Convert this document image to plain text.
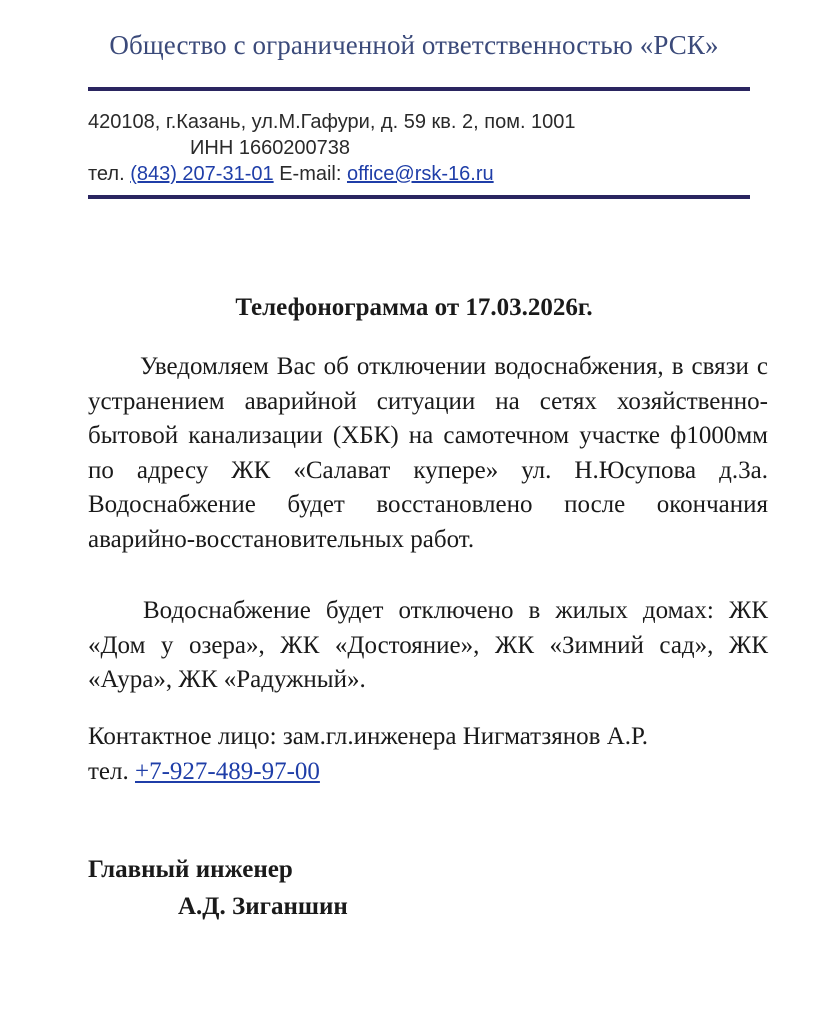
Общество с ограниченной ответственностью «РСК»
420108, г.Казань, ул.М.Гафури, д. 59 кв. 2, пом. 1001
ИНН 1660200738
тел. (843) 207-31-01 E-mail: office@rsk-16.ru
Телефонограмма от 17.03.2026г.
Уведомляем Вас об отключении водоснабжения, в связи с устранением аварийной ситуации на сетях хозяйственно-бытовой канализации (ХБК) на самотечном участке ф1000мм по адресу ЖК «Салават купере» ул. Н.Юсупова д.3а. Водоснабжение будет восстановлено после окончания аварийно-восстановительных работ.
Водоснабжение будет отключено в жилых домах: ЖК «Дом у озера», ЖК «Достояние», ЖК «Зимний сад», ЖК «Аура», ЖК «Радужный».
Контактное лицо: зам.гл.инженера Нигматзянов А.Р.
тел. +7-927-489-97-00
Главный инженер
А.Д. Зиганшин
